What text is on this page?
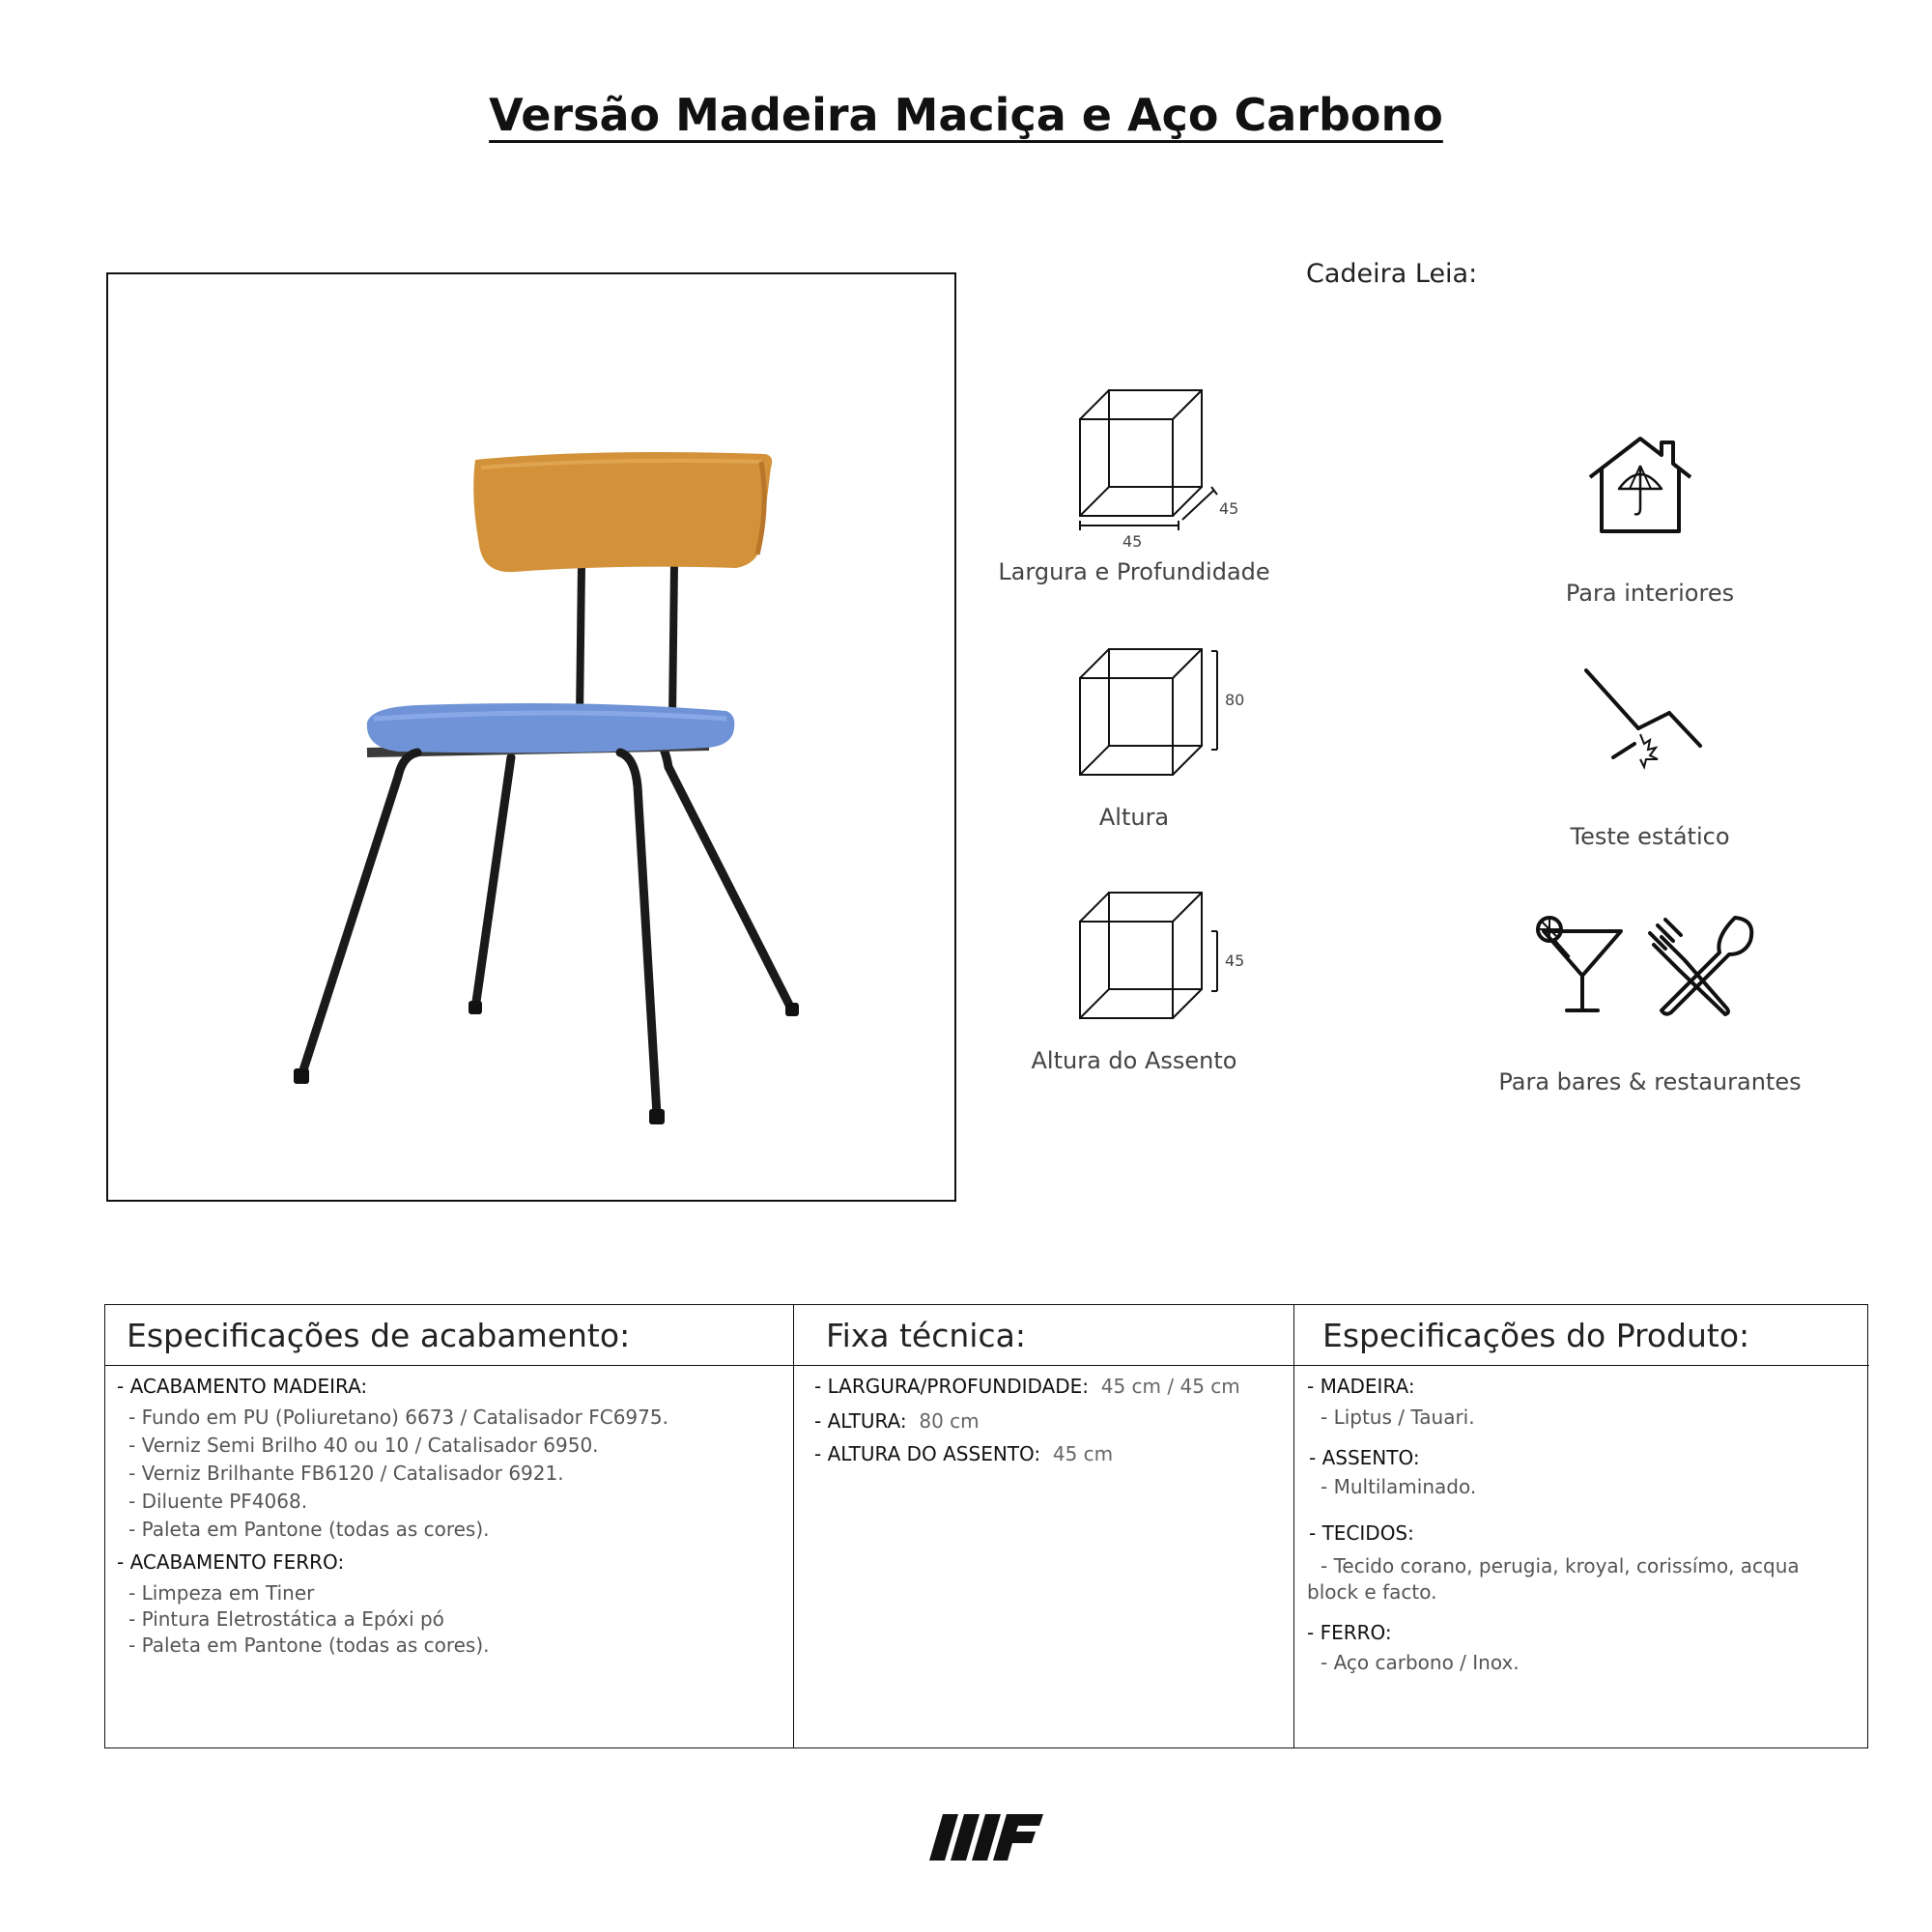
Versão Madeira Maciça e Aço Carbono
Cadeira Leia:
45
45
Largura e Profundidade
80
Altura
45
Altura do Assento
Para interiores
Teste estático
Para bares & restaurantes
Especificações de acabamento:
- ACABAMENTO MADEIRA:
- Fundo em PU (Poliuretano) 6673 / Catalisador FC6975.
- Verniz Semi Brilho 40 ou 10 / Catalisador 6950.
- Verniz Brilhante FB6120 / Catalisador 6921.
- Diluente PF4068.
- Paleta em Pantone (todas as cores).
- ACABAMENTO FERRO:
- Limpeza em Tiner
- Pintura Eletrostática a Epóxi pó
- Paleta em Pantone (todas as cores).
Fixa técnica:
- LARGURA/PROFUNDIDADE: 45 cm / 45 cm
- ALTURA: 80 cm
- ALTURA DO ASSENTO: 45 cm
Especificações do Produto:
- MADEIRA:
- Liptus / Tauari.
- ASSENTO:
- Multilaminado.
- TECIDOS:
- Tecido corano, perugia, kroyal, corissímo, acqua
block e facto.
- FERRO:
- Aço carbono / Inox.
